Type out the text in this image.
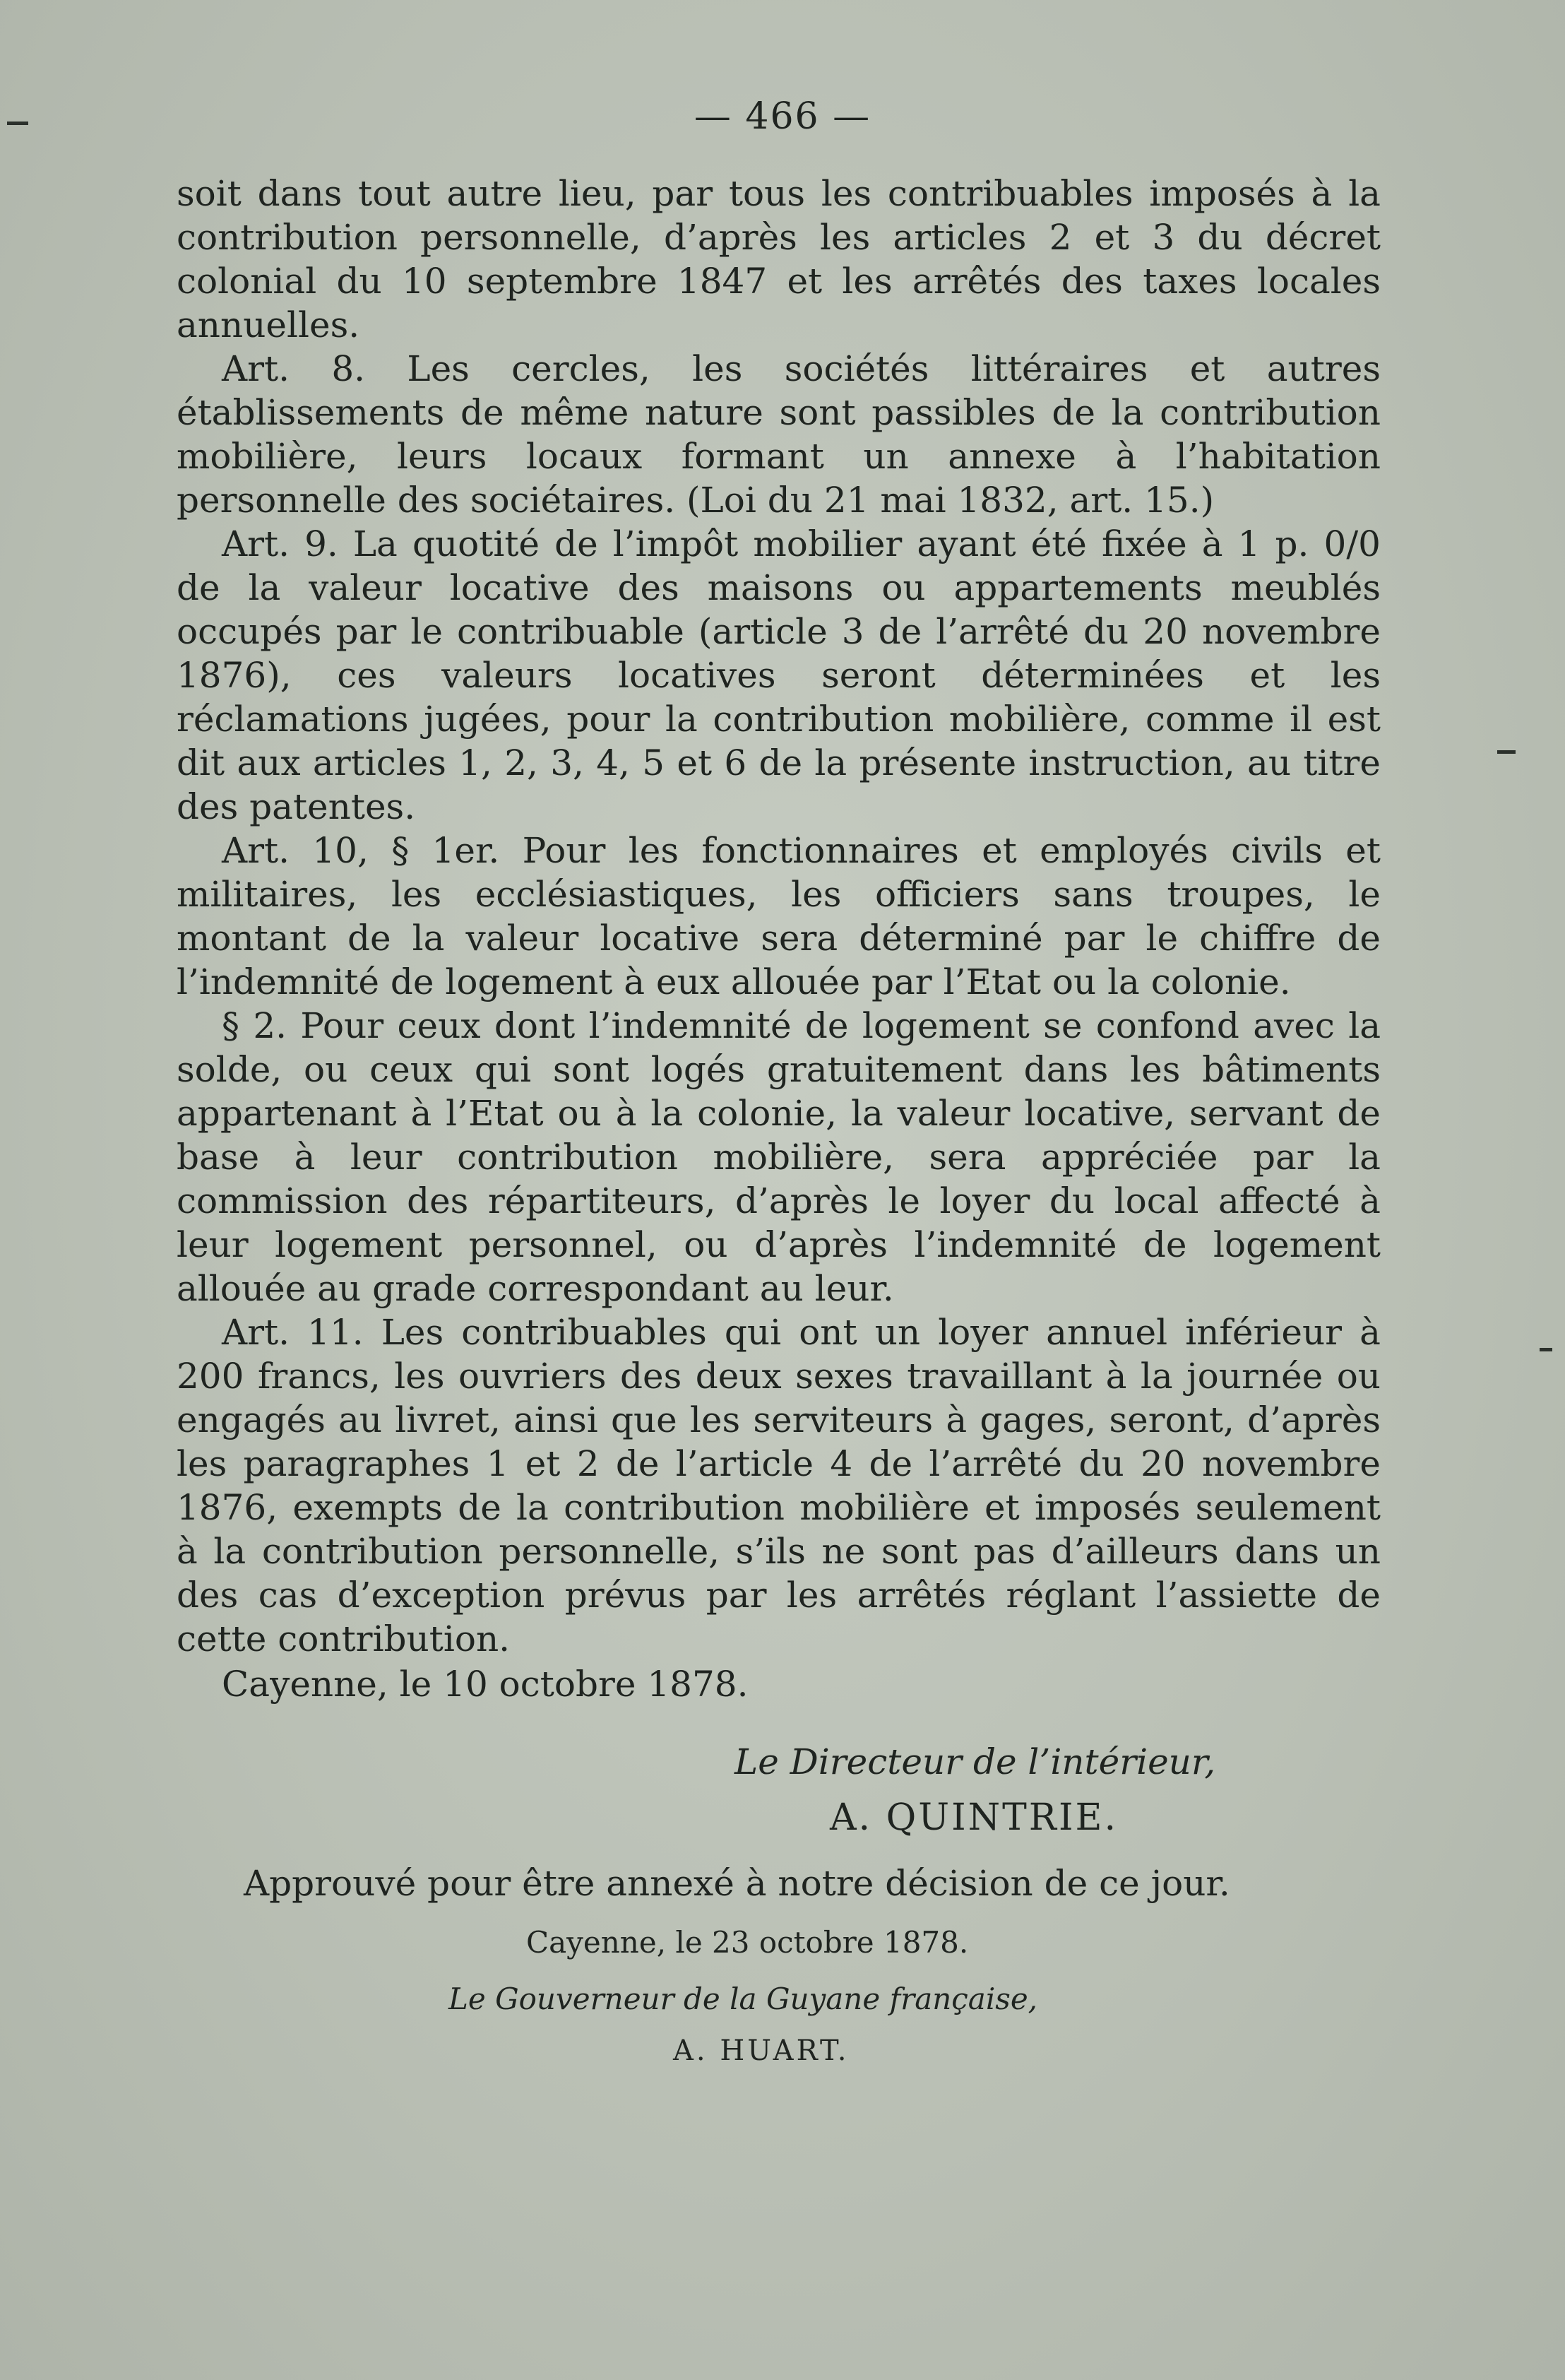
— 466 —

soit dans tout autre lieu, par tous les contribuables imposés à la contribution personnelle, d’après les articles 2 et 3 du décret colonial du 10 septembre 1847 et les arrêtés des taxes locales annuelles.

Art. 8. Les cercles, les sociétés littéraires et autres établissements de même nature sont passibles de la contribution mobilière, leurs locaux formant un annexe à l’habitation personnelle des sociétaires. (Loi du 21 mai 1832, art. 15.)

Art. 9. La quotité de l’impôt mobilier ayant été fixée à 1 p. 0/0 de la valeur locative des maisons ou appartements meublés occupés par le contribuable (article 3 de l’arrêté du 20 novembre 1876), ces valeurs locatives seront déterminées et les réclamations jugées, pour la contribution mobilière, comme il est dit aux articles 1, 2, 3, 4, 5 et 6 de la présente instruction, au titre des patentes.

Art. 10, § 1er. Pour les fonctionnaires et employés civils et militaires, les ecclésiastiques, les officiers sans troupes, le montant de la valeur locative sera déterminé par le chiffre de l’indemnité de logement à eux allouée par l’Etat ou la colonie.

§ 2. Pour ceux dont l’indemnité de logement se confond avec la solde, ou ceux qui sont logés gratuitement dans les bâtiments appartenant à l’Etat ou à la colonie, la valeur locative, servant de base à leur contribution mobilière, sera appréciée par la commission des répartiteurs, d’après le loyer du local affecté à leur logement personnel, ou d’après l’indemnité de logement allouée au grade correspondant au leur.

Art. 11. Les contribuables qui ont un loyer annuel inférieur à 200 francs, les ouvriers des deux sexes travaillant à la journée ou engagés au livret, ainsi que les serviteurs à gages, seront, d’après les paragraphes 1 et 2 de l’article 4 de l’arrêté du 20 novembre 1876, exempts de la contribution mobilière et imposés seulement à la contribution personnelle, s’ils ne sont pas d’ailleurs dans un des cas d’exception prévus par les arrêtés réglant l’assiette de cette contribution.

Cayenne, le 10 octobre 1878.

Le Directeur de l’intérieur,
A. QUINTRIE.
Approuvé pour être annexé à notre décision de ce jour.
Cayenne, le 23 octobre 1878.
Le Gouverneur de la Guyane française,
A. HUART.
